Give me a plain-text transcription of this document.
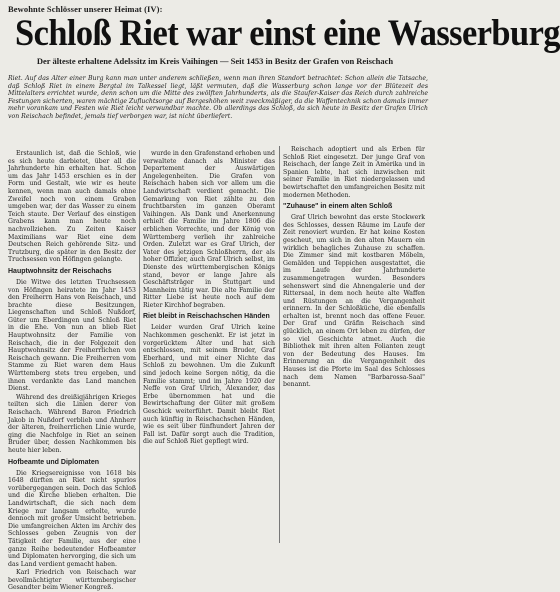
Bewohnte Schlösser unserer Heimat (IV):
Schloß Riet war einst eine Wasserburg
Der älteste erhaltene Adelssitz im Kreis Vaihingen — Seit 1453 in Besitz der Grafen von Reischach
Riet. Auf das Alter einer Burg kann man unter anderem schließen, wenn man ihren Standort betrachtet: Schon allein die Tatsache, daß Schloß Riet in einem Bergtal im Talkessel liegt, läßt vermuten, daß die Wasserburg schon lange vor der Blütezeit des Mittelalters errichtet wurde, denn schon um die Mitte des zwölften Jahrhunderts, als die Staufer-Kaiser das Reich durch zahlreiche Festungen sicherten, waren mächtige Zufluchtsorge auf Bergeshöhen weit zweckmäßiger, da die Waffentechnik schon damals immer mehr vorankam und Festen wie Riet leicht verwundbar machte. Ob allerdings das Schloß, da sich heute in Besitz der Grafen Ulrich von Reischach befindet, jemals tief verborgen war, ist nicht überliefert.

Erstaunlich ist, daß die Schloß, wie es sich heute darbietet, über all die Jahrhunderte hin erhalten hat. Schon um das Jahr 1453 erschien es in der Form und Gestalt, wie wir es heute kennen, wenn man auch damals ohne Zweifel noch von einem Graben umgeben war, der das Wasser zu einem Teich staute. Der Verlauf des einstigen Grabens kann man heute noch nachvollziehen. Zu Zeiten Kaiser Maximilians war Riet eine dem Deutschen Reich gehörende Sitz- und Trutzburg, die später in den Besitz der Truchsessen von Höfingen gelangte.

Hauptwohnsitz der Reischachs

Die Witwe des letzten Truchsessen von Höfingen heiratete im Jahr 1453 den Freiherrn Hans von Reischach, und brachte diese Besitzungen, Liegenschaften und Schloß Nußdorf, Güter um Eberdingen und Schloß Riet in die Ehe. Von nun an blieb Riet Hauptwohnsitz der Familie von Reischach, die in der Folgezeit den Hauptwohnsitz der Freiherrlichen von Reischach gewann. Die Freiherren vom Stamme zu Riet waren dem Haus Württemberg stets treu ergeben, und ihnen verdankte das Land manchen Dienst.

Während des dreißigjährigen Krieges teilten sich die Linien derer von Reischach. Während Baron Friedrich Jakob in Nußdorf verblieb und Ahnherr der älteren, freiherrlichen Linie wurde, ging die Nachfolge in Riet an seinen Bruder über, dessen Nachkommen bis heute hier leben.

Hofbeamte und Diplomaten

Die Kriegsereignisse von 1618 bis 1648 dürften an Riet nicht spurlos vorübergegangen sein. Doch das Schloß und die Kirche blieben erhalten. Die Landwirtschaft, die sich nach dem Kriege nur langsam erholte, wurde dennoch mit großer Umsicht betrieben. Die umfangreichen Akten im Archiv des Schlosses geben Zeugnis von der Tätigkeit der Familie, aus der eine ganze Reihe bedeutender Hofbeamter und Diplomaten hervorging, die sich um das Land verdient gemacht haben.

Karl Friedrich von Reischach war bevollmächtigter württembergischer Gesandter beim Wiener Kongreß.

wurde in den Grafenstand erhoben und verwaltete danach als Minister das Departement der Auswärtigen Angelegenheiten. Die Grafen von Reischach haben sich vor allem um die Landwirtschaft verdient gemacht. Die Gemarkung von Riet zählte zu den fruchtbarsten im ganzen Oberamt Vaihingen. Als Dank und Anerkennung erhielt die Familie im Jahre 1806 die erblichen Vorrechte, und der König von Württemberg verlieh ihr zahlreiche Orden. Zuletzt war es Graf Ulrich, der Vater des jetzigen Schloßherrn, der als hoher Offizier, auch Graf Ulrich selbst, im Dienste des württembergischen Königs stand, bevor er lange Jahre als Geschäftsträger in Stuttgart und Mannheim tätig war. Die alte Familie der Ritter Liebe ist heute noch auf dem Rieter Kirchhof begraben.

Riet bleibt in Reischachschen Händen

Leider wurden Graf Ulrich keine Nachkommen geschenkt. Er ist jetzt in vorgerücktem Alter und hat sich entschlossen, mit seinem Bruder, Graf Eberhard, und mit einer Nichte das Schloß zu bewohnen. Um die Zukunft sind jedoch keine Sorgen nötig, da die Familie stammt; und im Jahre 1920 der Neffe von Graf Ulrich, Alexander, das Erbe übernommen hat und die Bewirtschaftung der Güter mit großem Geschick weiterführt. Damit bleibt Riet auch künftig in Reischachschen Händen, wie es seit über fünfhundert Jahren der Fall ist. Dafür sorgt auch die Tradition, die auf Schloß Riet gepflegt wird.

Reischach adoptiert und als Erben für Schloß Riet eingesetzt. Der junge Graf von Reischach, der lange Zeit in Amerika und in Spanien lebte, hat sich inzwischen mit seiner Familie in Riet niedergelassen und bewirtschaftet den umfangreichen Besitz mit modernen Methoden.

"Zuhause" in einem alten Schloß

Graf Ulrich bewohnt das erste Stockwerk des Schlosses, dessen Räume im Laufe der Zeit renoviert wurden. Er hat keine Kosten gescheut, um sich in den alten Mauern ein wirklich behagliches Zuhause zu schaffen. Die Zimmer sind mit kostbaren Möbeln, Gemälden und Teppichen ausgestattet, die im Laufe der Jahrhunderte zusammengetragen wurden. Besonders sehenswert sind die Ahnengalerie und der Rittersaal, in dem noch heute alte Waffen und Rüstungen an die Vergangenheit erinnern. In der Schloßküche, die ebenfalls erhalten ist, brennt noch das offene Feuer. Der Graf und Gräfin Reischach sind glücklich, an einem Ort leben zu dürfen, der so viel Geschichte atmet. Auch die Bibliothek mit ihren alten Folianten zeugt von der Bedeutung des Hauses. Im Erinnerung an die Vergangenheit des Hauses ist die Pforte im Saal des Schlosses nach dem Namen "Barbarossa-Saal" benannt.
